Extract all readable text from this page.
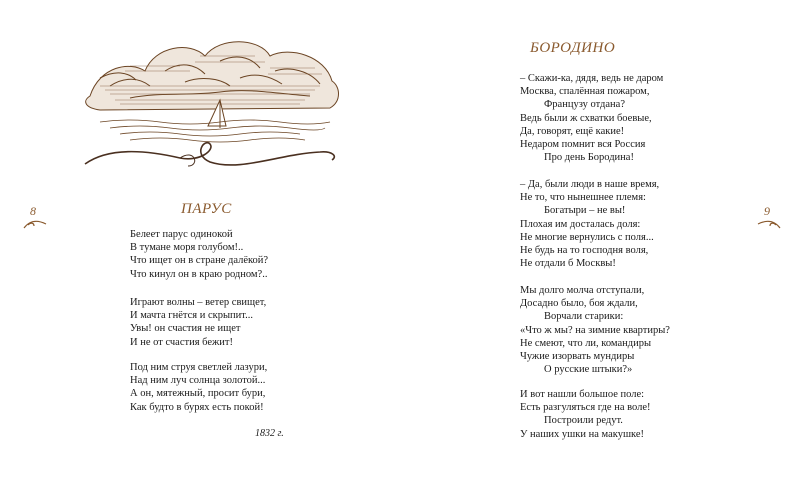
ПАРУС
Белеет парус одинокой
В тумане моря голубом!..
Что ищет он в стране далёкой?
Что кинул он в краю родном?..
Играют волны – ветер свищет,
И мачта гнётся и скрыпит...
Увы! он счастия не ищет
И не от счастия бежит!
Под ним струя светлей лазури,
Над ним луч солнца золотой...
А он, мятежный, просит бури,
Как будто в бурях есть покой!
1832 г.
8
БОРОДИНО
– Скажи-ка, дядя, ведь не даром
Москва, спалённая пожаром,
Французу отдана?
Ведь были ж схватки боевые,
Да, говорят, ещё какие!
Недаром помнит вся Россия
Про день Бородина!
– Да, были люди в наше время,
Не то, что нынешнее племя:
Богатыри – не вы!
Плохая им досталась доля:
Не многие вернулись с поля...
Не будь на то господня воля,
Не отдали б Москвы!
Мы долго молча отступали,
Досадно было, боя ждали,
Ворчали старики:
«Что ж мы? на зимние квартиры?
Не смеют, что ли, командиры
Чужие изорвать мундиры
О русские штыки?»
И вот нашли большое поле:
Есть разгуляться где на воле!
Построили редут.
У наших ушки на макушке!
9
